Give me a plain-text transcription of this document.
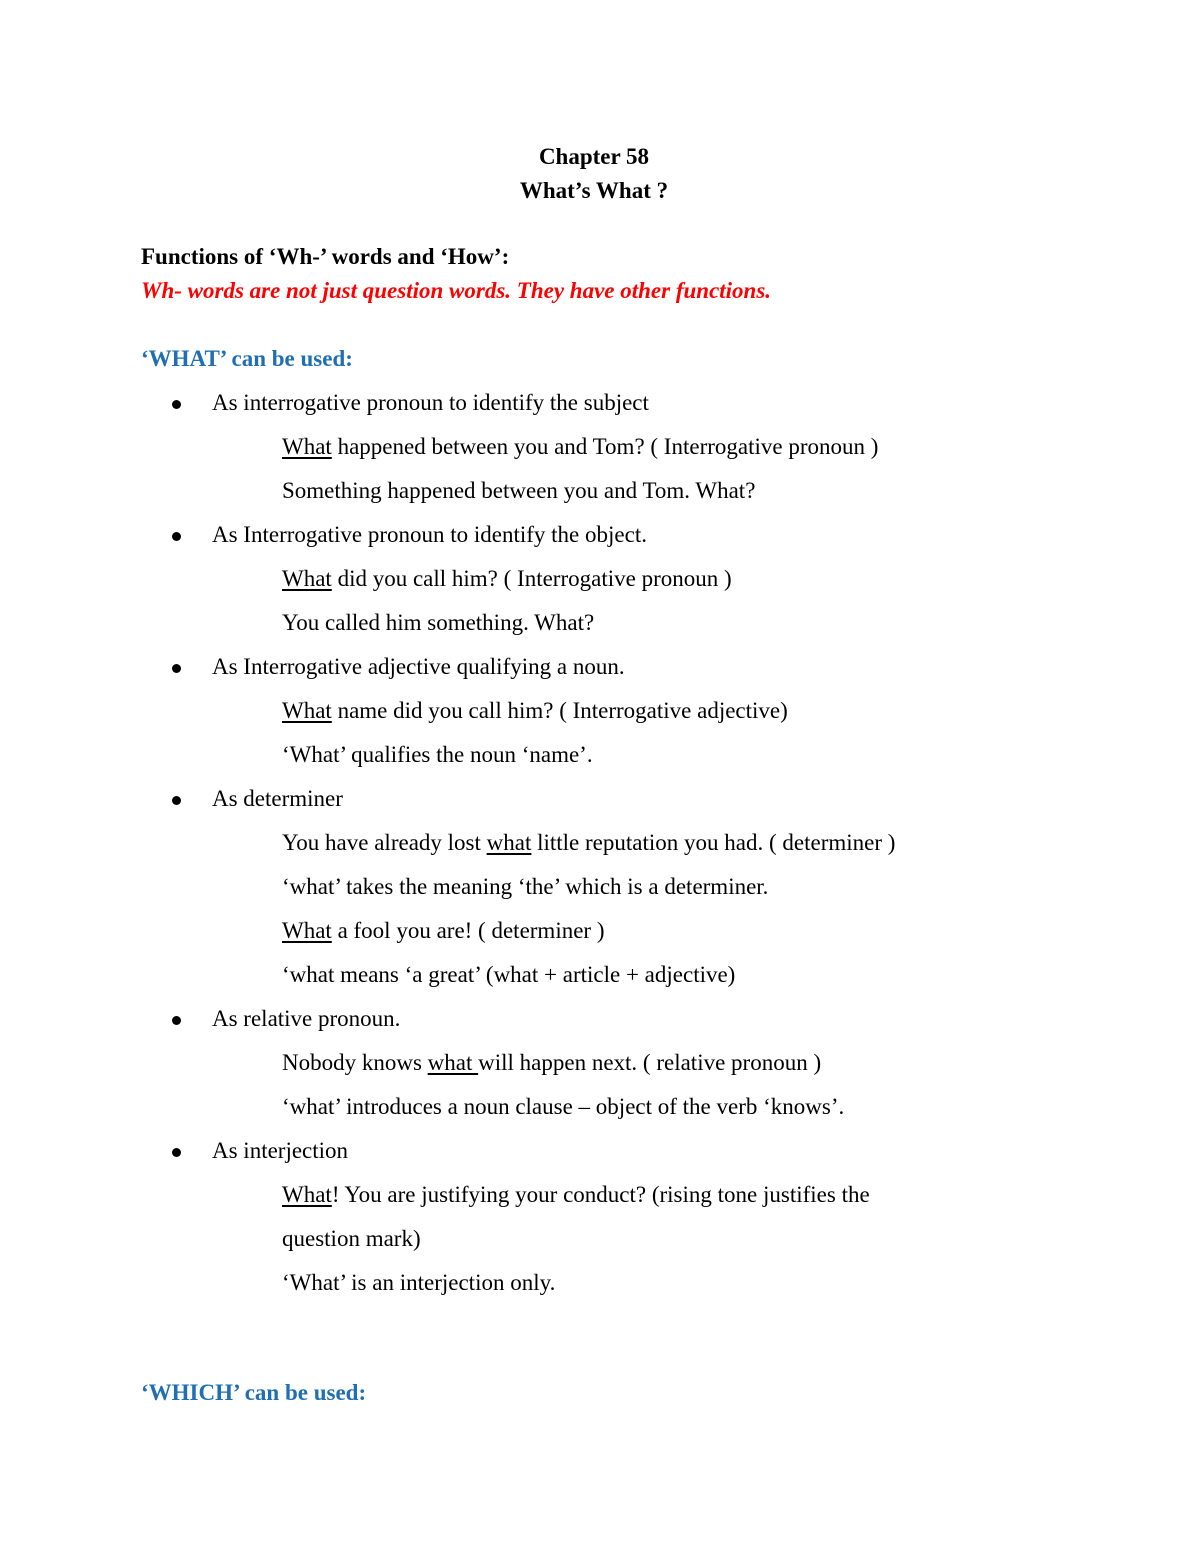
Chapter 58
What’s What ?
Functions of ‘Wh-’ words and ‘How’:
Wh- words are not just question words. They have other functions.
‘WHAT’ can be used:
As interrogative pronoun to identify the subject
What happened between you and Tom? ( Interrogative pronoun )
Something happened between you and Tom. What?
As Interrogative pronoun to identify the object.
What did you call him? ( Interrogative pronoun )
You called him something. What?
As Interrogative adjective qualifying a noun.
What name did you call him? ( Interrogative adjective)
‘What’ qualifies the noun ‘name’.
As determiner
You have already lost what little reputation you had. ( determiner )
‘what’ takes the meaning ‘the’ which is a determiner.
What a fool you are! ( determiner )
‘what means ‘a great’ (what + article + adjective)
As relative pronoun.
Nobody knows what will happen next. ( relative pronoun )
‘what’ introduces a noun clause – object of the verb ‘knows’.
As interjection
What! You are justifying your conduct? (rising tone justifies the
question mark)
‘What’ is an interjection only.
‘WHICH’ can be used:
